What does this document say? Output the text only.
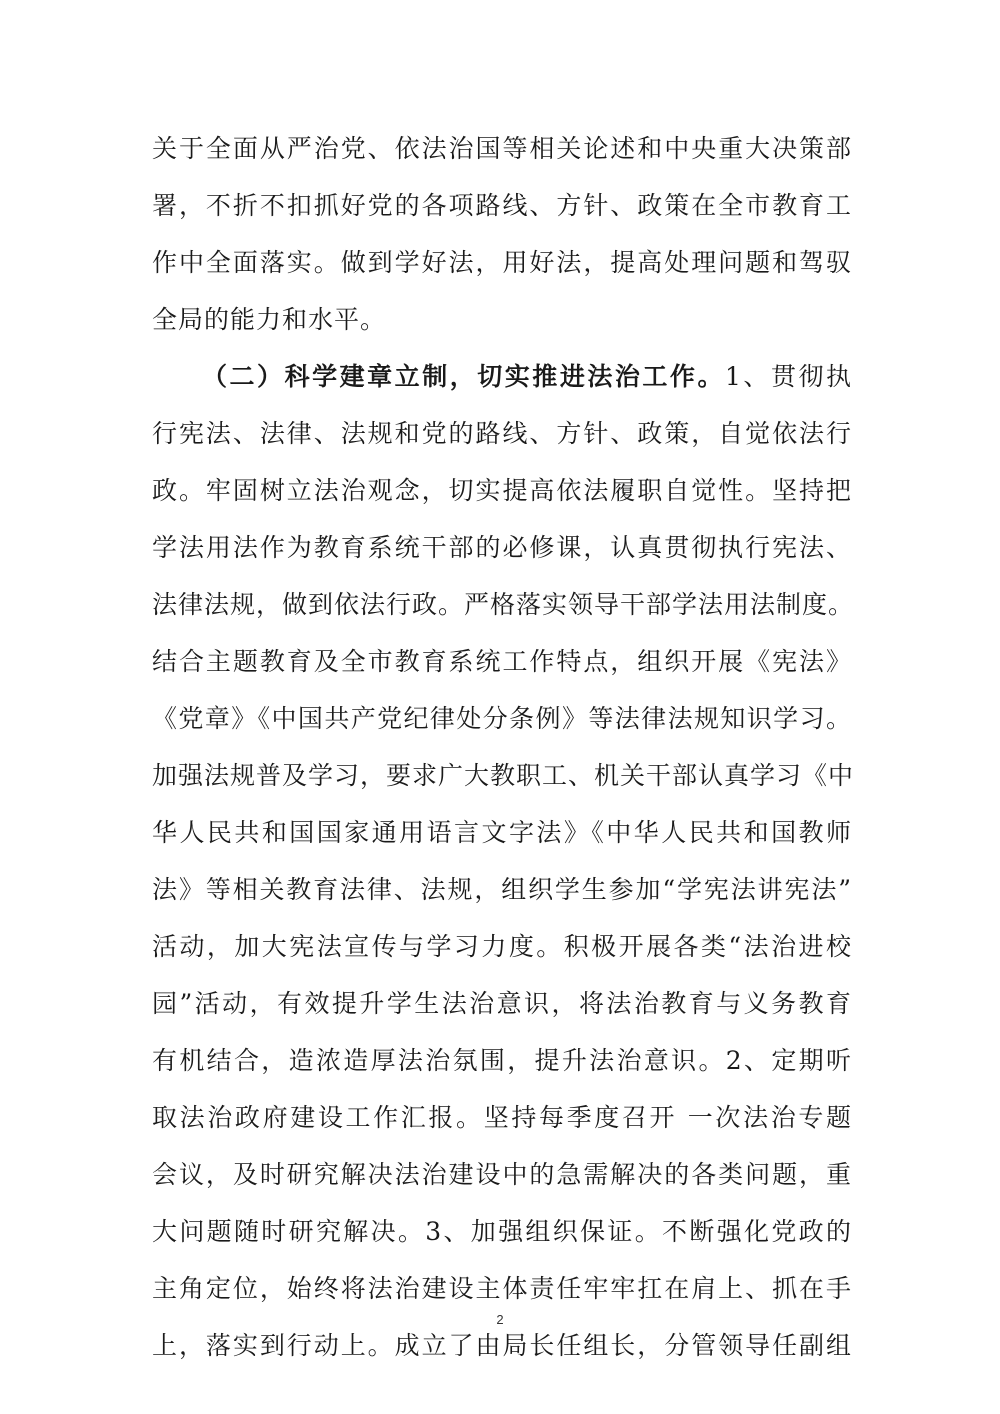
关于全面从严治党、依法治国等相关论述和中央重大决策部
署，不折不扣抓好党的各项路线、方针、政策在全市教育工
作中全面落实。做到学好法，用好法，提高处理问题和驾驭
全局的能力和水平。
（二）科学建章立制，切实推进法治工作。1、贯彻执
行宪法、法律、法规和党的路线、方针、政策，自觉依法行
政。牢固树立法治观念，切实提高依法履职自觉性。坚持把
学法用法作为教育系统干部的必修课，认真贯彻执行宪法、
法律法规，做到依法行政。严格落实领导干部学法用法制度。
结合主题教育及全市教育系统工作特点，组织开展《宪法》
《党章》《中国共产党纪律处分条例》等法律法规知识学习。
加强法规普及学习，要求广大教职工、机关干部认真学习《中
华人民共和国国家通用语言文字法》《中华人民共和国教师
法》等相关教育法律、法规，组织学生参加“学宪法讲宪法”
活动，加大宪法宣传与学习力度。积极开展各类“法治进校
园”活动，有效提升学生法治意识，将法治教育与义务教育
有机结合，造浓造厚法治氛围，提升法治意识。2、定期听
取法治政府建设工作汇报。坚持每季度召开 一次法治专题
会议，及时研究解决法治建设中的急需解决的各类问题，重
大问题随时研究解决。3、加强组织保证。不断强化党政的
主角定位，始终将法治建设主体责任牢牢扛在肩上、抓在手
上，落实到行动上。成立了由局长任组长，分管领导任副组
2
